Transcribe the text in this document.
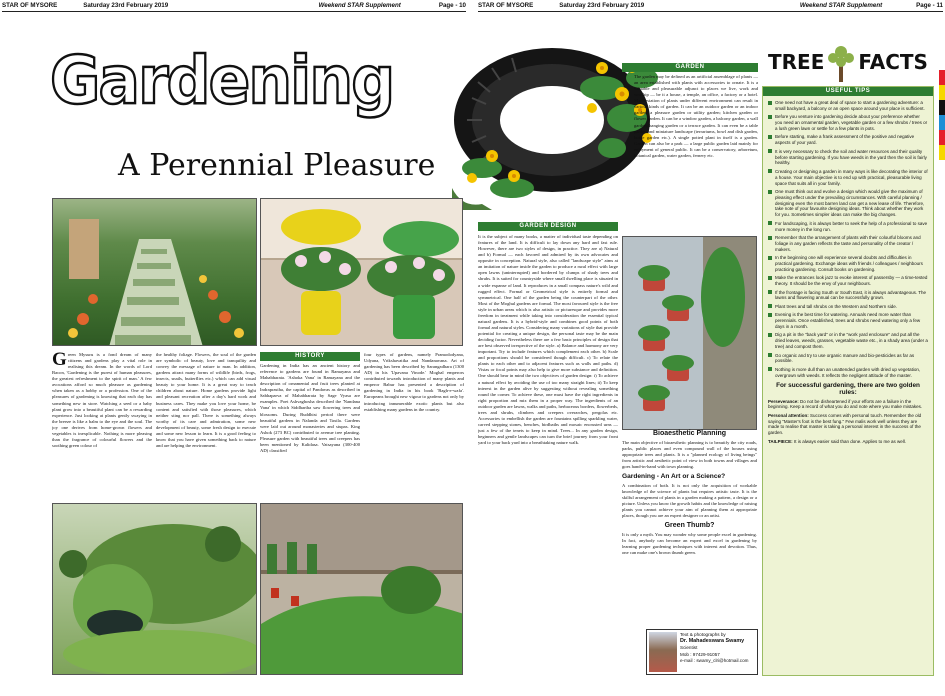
STAR OF MYSORE	Saturday 23rd February 2019	Weekend STAR Supplement	Page - 10 STAR OF MYSORE	Saturday 23rd February 2019	Weekend STAR Supplement	Page - 11
Gardening
A Perennial Pleasure
GARDEN
The garden may be defined as an artificial assemblage of plants — an area established with plants with accessories to ornate. It is a valuable and pleasurable adjunct to places we live, work and worship — be it a house, a temple, an office, a factory or a hotel. Manifestation of plants under different environment can result in various kinds of garden. It can be an outdoor garden or an indoor garden; a pleasure garden or utility garden; kitchen garden or flower garden. It can be a window garden, a balcony garden, a wall garden, hanging garden or a terrace garden. It can even be a table garden and miniature landscape (terrariums, bowl and dish garden, bottle garden etc.). A single potted plant in itself is a garden. Garden can also be a park — a large public garden laid mainly for enjoyment of general public. It can be a conservatory, arboretum, botanical garden, water garden, fernery etc.
Green Mysuru is a fond dream of many citizens and gardens play a vital role in realising this dream. In the words of Lord Bacon, 'Gardening is the purest of human pleasures, the greatest refreshment to the spirit of man.' A few avocations afford so much pleasure as gardening when taken as a hobby or a profession. One of the pleasures of gardening is knowing that each day has something new in store. Watching a seed or a baby plant grow into a beautiful plant can be a rewarding experience. Just looking at plants gently swaying in the breeze is like a balm to the eye and the soul. The joy one derives from home-grown flowers and vegetables is inexplicable. Nothing is more pleasing than the fragrance of colourful flowers and the soothing green colour of
the healthy foliage. Flowers, the soul of the garden are symbolic of beauty, love and tranquility and convey the message of nature to man. In addition, gardens attract many forms of wildlife (birds, frogs, insects, snails, butterflies etc.) which can add visual beauty to your home. It is a great way to teach children about nature. Home gardens provide light and pleasant recreation after a day's hard work and business cares. They make you love your home, be content and satisfied with those pleasures, which neither sting nor pall. There is something always worthy of its care and admiration, some new development of beauty, some fresh design to execute and some new lesson to learn. It is a good feeling to know that you have given something back to nature and are helping the environment.
HISTORY
Gardening in India has an ancient history and reference to gardens are found in Ramayana and Mahabharata. 'Ashoka Vana' in Ramayana and the description of ornamental and fruit trees planted at Indraprastha, the capital of Pandavas as described in Sabhaparva of Mahabharata by Sage Vyasa are examples. Poet Ashvaghosha described the 'Nandana Vana' in which Siddhartha saw flowering trees and blossoms. During Buddhist period there were beautiful gardens in Nalanda and Taxila. Gardens were laid out around monasteries and stupas. King Ashok (273 BC) contributed to avenue tree planting. Pleasure garden with beautiful trees and creepers has been mentioned by Kalidasa. Vatsayana (300-400 AD) classified
four types of gardens, namely Pramododyana, Udyana, Vrikshavatika and Nandanavana. Art of gardening has been described by Sarangadhara (1300 AD) in his 'Upavana Vinode.' Moghal emperors contributed towards introduction of many plants and emperor Babur has presented a description of gardening in India in his book 'Bagh-e-wafa'. Europeans brought new vigour to gardens not only by introducing innumerable exotic plants but also establishing many gardens in the country.
GARDEN DESIGN
It is the subject of many books, a matter of individual taste depending on features of the land. It is difficult to lay down any hard and fast rule. However, there are two styles of design, in practice. They are a) Natural and b) Formal — each favored and admired by its own advocates and opposite in conception. Natural style, also called "landscape style" aims at an imitation of nature inside the garden to produce a rural effect with large open lawns (uninterrupted) and bordered by clumps of shady trees and shrubs. It is suited for countryside where small dwelling place is situated in a wide expanse of land. It reproduces in a small compass nature's wild and rugged effect. Formal or Geometrical style is entirely formal and symmetrical. One half of the garden being the counterpart of the other. Most of the Moghul gardens are formal. The most favoured style is the free style in urban areas which is also artistic or picturesque and provides more freedom in treatment while taking into consideration the essential typical natural gardens. It is a hybrid-style and combines good points of both formal and natural styles. Considering many variations of style that provide potential for creating a unique design, the personal taste may be the main deciding factor. Nevertheless there are a few basic principles of design that are best observed irrespective of the style. a) Balance and harmony are very important. Try to include features which complement each other. b) Scale and proportions should be considered though difficult. c) To relate the plants to each other and to adjacent features such as walls and paths. d) Vistas or focal points may also help to give more substance and definition. One should bear in mind the two objectives of garden design: i) To achieve a natural effect by avoiding the use of too many straight lines; ii) To keep interest in the garden alive by suggesting without revealing something round the corner. To achieve these, one must have the right ingredients in right proportion and mix them in a proper way. The ingredients of an outdoor garden are lawns, walks and paths, herbaceous borders, flowerbeds, trees and shrubs, climbers and creepers overarches, pergolas etc. Accessories to embellish the garden are fountains spilling sparkling water, carved stepping stones, benches, birdbaths and mosaic encrusted urns — just a few of the tenets to keep in mind. Trees... In any garden design, beginners and gentle landscapes can turn the brief journey from your front yard to your back yard into a breathtaking nature walk.
Bioaesthetic Planning
The main objective of bioaesthetic planning is to beautify the city roads, parks, public places and even compound wall of the houses using appropriate trees and plants. It is a "planned ecology of living beings" from artistic and aesthetic point of view in both towns and villages and goes hand-in-hand with town planning.
Gardening - An Art or a Science?
A combination of both. It is not only the acquisition of workable knowledge of the science of plants but requires artistic taste. It is the skilful arrangement of plants in a garden making a pattern, a design or a picture. Unless you know the growth habits and the knowledge of raising plants you cannot achieve your aim of planning them at appropriate places, though you are an expert designer or an artist.
Green Thumb?
It is only a myth. You may wonder why some people excel in gardening. In fact, anybody can become an expert and excel in gardening by learning proper gardening techniques with interest and devotion. Thus, one can make one's brown thumb green.
Text & photographs by
Dr. Mahadeswara Swamy
Scientist
Mob : 97429-91057
e-mail : swamy_clri@hotmail.com
TREE FACTS
USEFUL TIPS
One need not have a great deal of space to start a gardening adventure: a small backyard, a balcony or an open space around your place is sufficient.
Before you venture into gardening decide about your preference whether you need an ornamental garden, vegetable garden or a few shrubs / trees or a lush green lawn or settle for a few plants in pots.
Before starting, make a frank assessment of the positive and negative aspects of your yard.
It is very necessary to check the soil and water resources and their quality before starting gardening. If you have weeds in the yard then the soil is fairly healthy.
Creating or designing a garden in many ways is like decorating the interior of a house. Your main objective is to end up with practical, pleasurable living space that suits all in your family.
One must think out and evolve a design which would give the maximum of pleasing effect under the prevailing circumstances. With careful planning / designing even the most barren land can get a new lease of life. Therefore, take note of your favourite designing ideas. Think about whether they work for you. Sometimes simpler ideas can make the big changes.
For landscaping, it is always better to seek the help of a professional to save more money in the long run.
Remember that the arrangement of plants with their colourful blooms and foliage in any garden reflects the taste and personality of the creator / makers.
In the beginning one will experience several doubts and difficulties in practical gardening. Exchange ideas with friends / colleagues / neighbours practicing gardening. Consult books on gardening.
Make the entrances look jazz to evoke interest of passersby — a time-tested theory. It should be the envy of your neighbours.
If the frontage is facing South or South East, it is always advantageous. The lawns and flowering annual can be successfully grown.
Plant trees and tall shrubs on the Western and Northern side.
Evening is the best time for watering. Annuals need more water than perennials. Once established, trees and shrubs need watering only a few days in a month.
Dig a pit in the "back yard" or in the "work yard enclosure" and put all the dried leaves, weeds, grasses, vegetable waste etc., in a shady area (under a tree) and compost them.
Go organic and try to use organic manure and bio-pesticides as far as possible.
Nothing is more dull than an unattended garden with dried up vegetation, overgrown with weeds. It reflects the negligent attitude of the master.
For successful gardening, there are two golden rules:
Perseverance: Do not be disheartened if your efforts are a failure in the beginning. Keep a record of what you do and note where you make mistakes.
Personal attention: Success comes with personal touch. Remember the old saying "Master's foot is the best fung." Few malis work well unless they are made to realise that master is taking a personal interest in the success of the garden.
TAILPIECE: It is always easier said than done. Applies to me as well.
